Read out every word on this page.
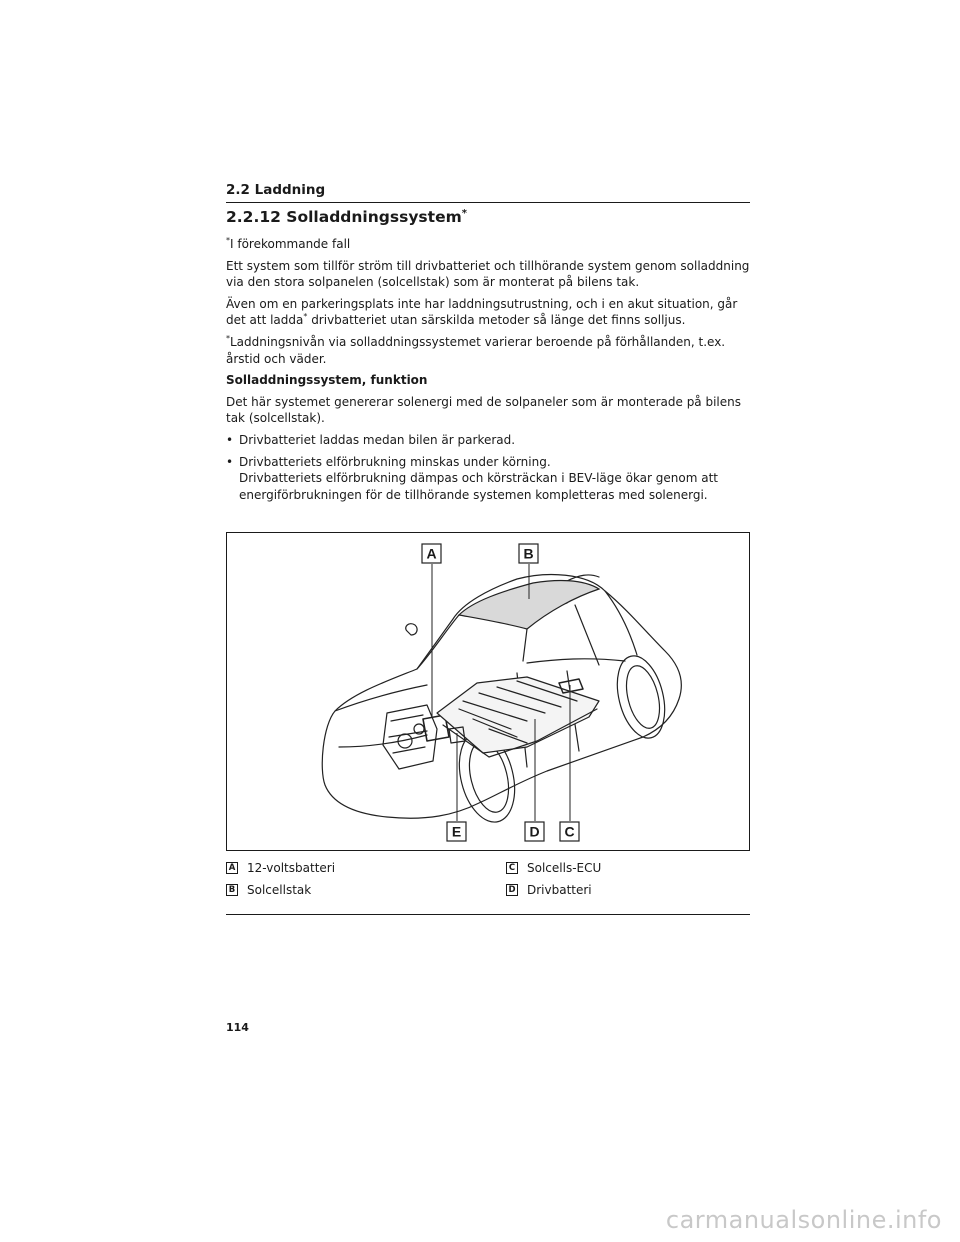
2.2 Laddning
2.2.12 Solladdningssystem*

*I förekommande fall

Ett system som tillför ström till drivbatteriet och tillhörande system genom solladdning via den stora solpanelen (solcellstak) som är monterat på bilens tak.

Även om en parkeringsplats inte har laddningsutrustning, och i en akut situation, går det att ladda* drivbatteriet utan särskilda metoder så länge det finns solljus.

*Laddningsnivån via solladdningssystemet varierar beroende på förhållanden, t.ex. årstid och väder.

Solladdningssystem, funktion

Det här systemet genererar solenergi med de solpaneler som är monterade på bilens tak (solcellstak).

• Drivbatteriet laddas medan bilen är parkerad.
• Drivbatteriets elförbrukning minskas under körning.
Drivbatteriets elförbrukning dämpas och körsträckan i BEV-läge ökar genom att energiförbrukningen för de tillhörande systemen kompletteras med solenergi.
A	B
E	D C
A 12-voltsbatteri
B Solcellstak
C Solcells-ECU
D Drivbatteri
114
carmanualsonline.info
